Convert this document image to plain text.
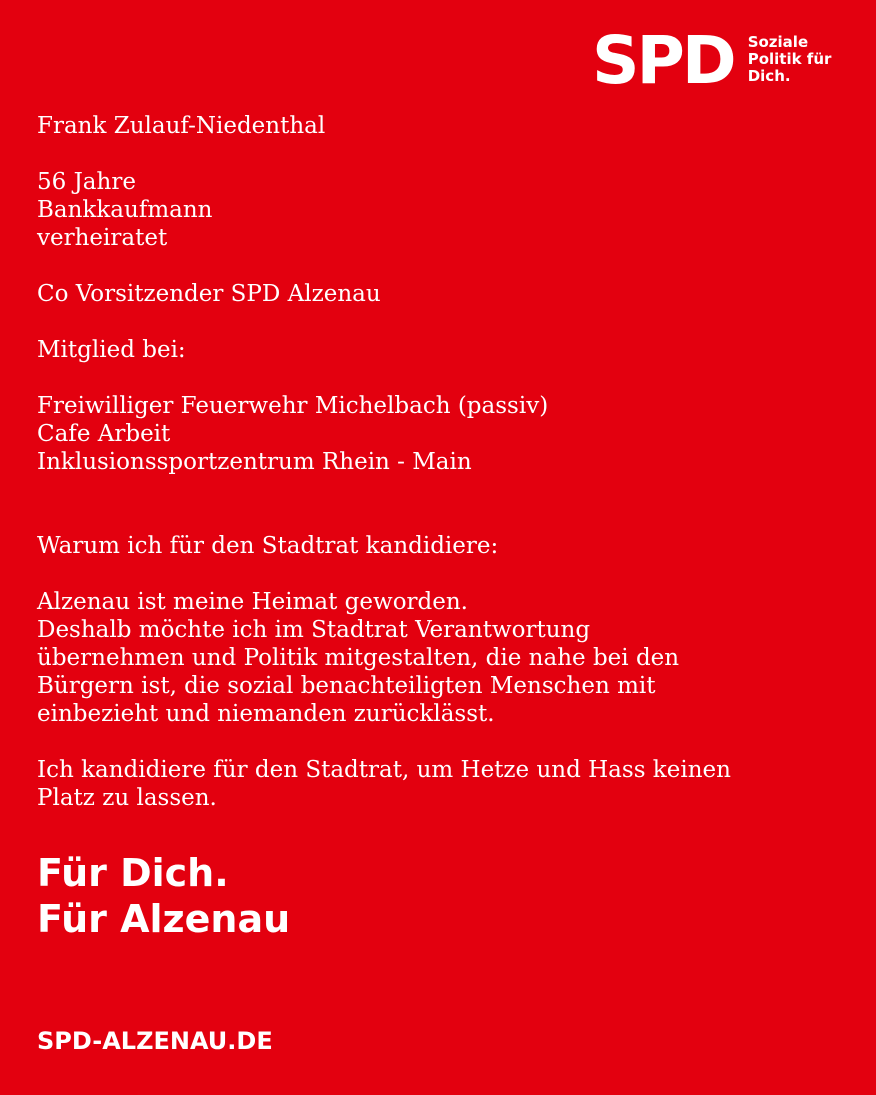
SPD Soziale
Politik für
Dich.
Frank Zulauf-Niedenthal
56 Jahre
Bankkaufmann
verheiratet
Co Vorsitzender SPD Alzenau
Mitglied bei:
Freiwilliger Feuerwehr Michelbach (passiv)
Cafe Arbeit
Inklusionssportzentrum Rhein - Main
Warum ich für den Stadtrat kandidiere:
Alzenau ist meine Heimat geworden.
Deshalb möchte ich im Stadtrat Verantwortung
übernehmen und Politik mitgestalten, die nahe bei den
Bürgern ist, die sozial benachteiligten Menschen mit
einbezieht und niemanden zurücklässt.
Ich kandidiere für den Stadtrat, um Hetze und Hass keinen
Platz zu lassen.
Für Dich.
Für Alzenau
SPD-ALZENAU.DE
